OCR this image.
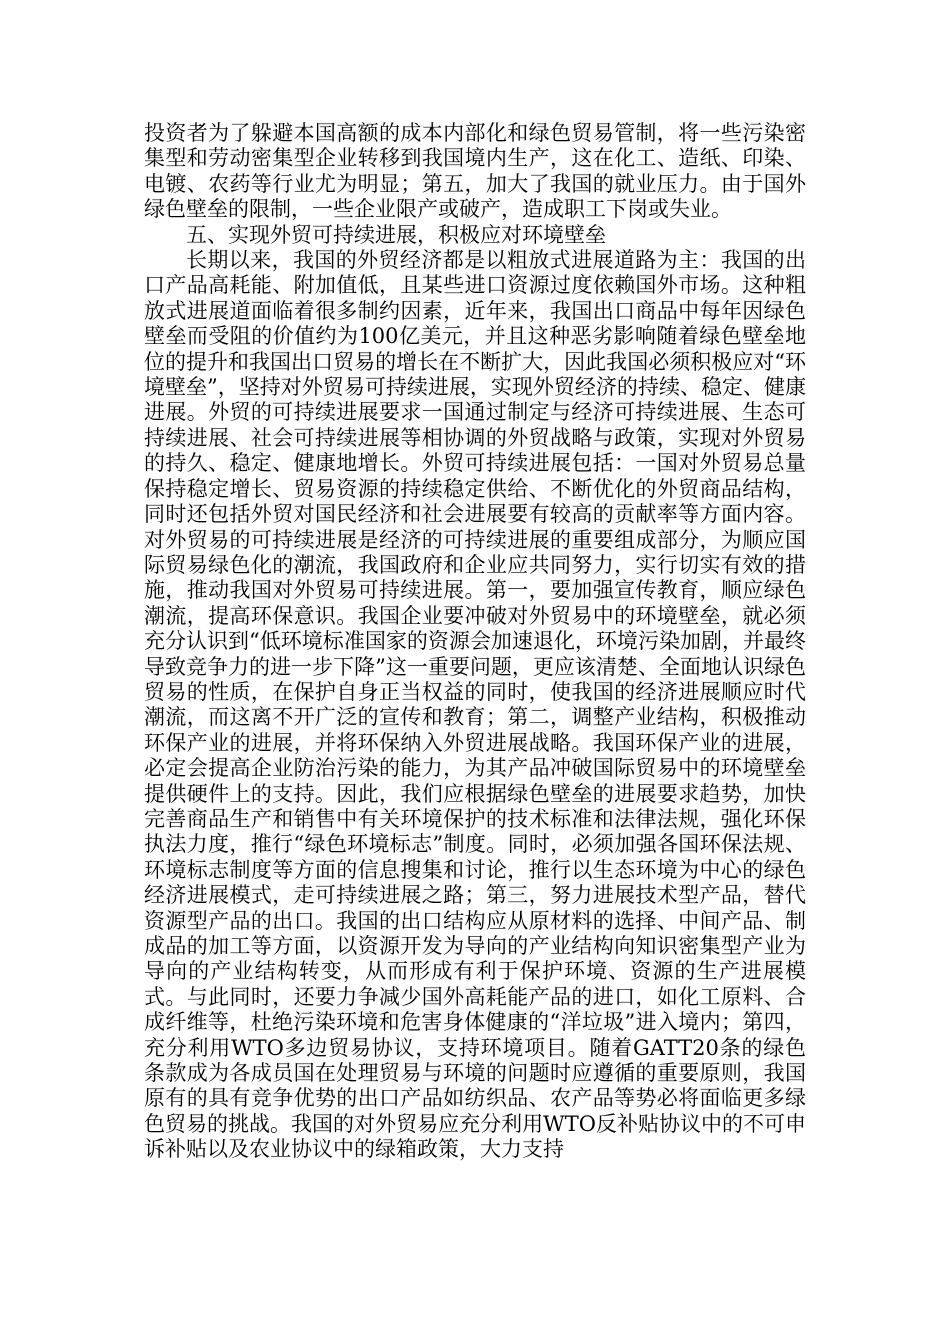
投资者为了躲避本国高额的成本内部化和绿色贸易管制，将一些污染密集型和劳动密集型企业转移到我国境内生产，这在化工、造纸、印染、电镀、农药等行业尤为明显；第五，加大了我国的就业压力。由于国外绿色壁垒的限制，一些企业限产或破产，造成职工下岗或失业。

五、实现外贸可持续进展，积极应对环境壁垒

长期以来，我国的外贸经济都是以粗放式进展道路为主：我国的出口产品高耗能、附加值低，且某些进口资源过度依赖国外市场。这种粗放式进展道面临着很多制约因素，近年来，我国出口商品中每年因绿色壁垒而受阻的价值约为100亿美元，并且这种恶劣影响随着绿色壁垒地位的提升和我国出口贸易的增长在不断扩大，因此我国必须积极应对“环境壁垒”，坚持对外贸易可持续进展，实现外贸经济的持续、稳定、健康进展。外贸的可持续进展要求一国通过制定与经济可持续进展、生态可持续进展、社会可持续进展等相协调的外贸战略与政策，实现对外贸易的持久、稳定、健康地增长。外贸可持续进展包括：一国对外贸易总量保持稳定增长、贸易资源的持续稳定供给、不断优化的外贸商品结构，同时还包括外贸对国民经济和社会进展要有较高的贡献率等方面内容。对外贸易的可持续进展是经济的可持续进展的重要组成部分，为顺应国际贸易绿色化的潮流，我国政府和企业应共同努力，实行切实有效的措施，推动我国对外贸易可持续进展。第一，要加强宣传教育，顺应绿色潮流，提高环保意识。我国企业要冲破对外贸易中的环境壁垒，就必须充分认识到“低环境标准国家的资源会加速退化，环境污染加剧，并最终导致竞争力的进一步下降”这一重要问题，更应该清楚、全面地认识绿色贸易的性质，在保护自身正当权益的同时，使我国的经济进展顺应时代潮流，而这离不开广泛的宣传和教育；第二，调整产业结构，积极推动环保产业的进展，并将环保纳入外贸进展战略。我国环保产业的进展，必定会提高企业防治污染的能力，为其产品冲破国际贸易中的环境壁垒提供硬件上的支持。因此，我们应根据绿色壁垒的进展要求趋势，加快完善商品生产和销售中有关环境保护的技术标准和法律法规，强化环保执法力度，推行“绿色环境标志”制度。同时，必须加强各国环保法规、环境标志制度等方面的信息搜集和讨论，推行以生态环境为中心的绿色经济进展模式，走可持续进展之路；第三，努力进展技术型产品，替代资源型产品的出口。我国的出口结构应从原材料的选择、中间产品、制成品的加工等方面，以资源开发为导向的产业结构向知识密集型产业为导向的产业结构转变，从而形成有利于保护环境、资源的生产进展模式。与此同时，还要力争减少国外高耗能产品的进口，如化工原料、合成纤维等，杜绝污染环境和危害身体健康的“洋垃圾”进入境内；第四，充分利用WTO多边贸易协议，支持环境项目。随着GATT20条的绿色条款成为各成员国在处理贸易与环境的问题时应遵循的重要原则，我国原有的具有竞争优势的出口产品如纺织品、农产品等势必将面临更多绿色贸易的挑战。我国的对外贸易应充分利用WTO反补贴协议中的不可申诉补贴以及农业协议中的绿箱政策，大力支持
